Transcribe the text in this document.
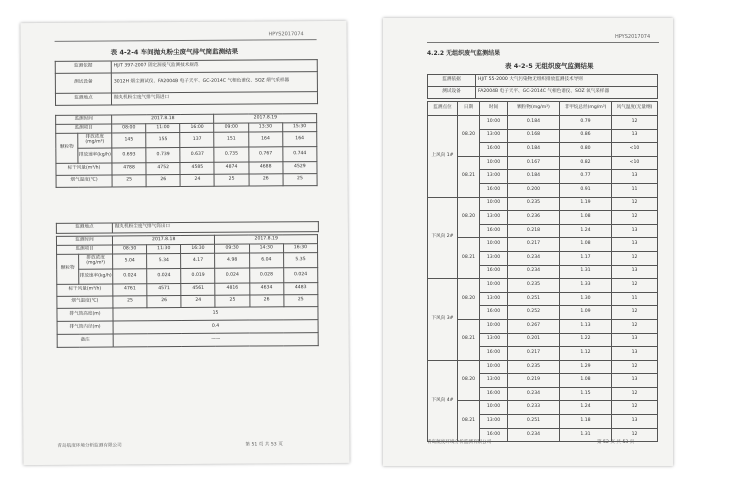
HPYS2017074
表 4-2-4 车间抛丸粉尘废气排气筒监测结果
监测依据	HJ/T 397-2007 固定源废气监测技术规范
测试设备	3012H 烟尘测试仪、FA2004B 电子天平、GC-2014C 气相色谱仪、SOZ 烟气采样器
监测地点	抛丸机粉尘废气排气筒进口
监测时间		2017.8.18			2017.8.19		
监测项目		08:00	11:00	16:00	09:00	13:30	15:30
颗粒物	排放浓度(mg/m³)	145	155	137	151	164	164
	排放速率(kg/h)	0.693	0.739	0.637	0.735	0.767	0.744
标干风量(m³/h)		4788	4752	4585	4874	4688	4529
烟气温度(℃)		25	26	24	25	26	25
监测地点	抛丸机粉尘废气排气筒出口
监测时间		2017.8.18			2017.8.19		
监测项目		08:30	11:30	16:30	09:30	14:30	16:30
颗粒物	排放浓度(mg/m³)	5.04	5.34	4.17	4.98	6.04	5.35
	排放速率(kg/h)	0.024	0.024	0.019	0.024	0.028	0.024
标干风量(m³/h)		4761	4571	4561	4816	4634	4483
烟气温度(℃)		25	26	24	25	26	25
排气筒高度(m)		15					
排气筒内径(m)		0.4					
备注		——					
青岛航度环境分析监测有限公司	第 51 页 共 53 页
HPYS2017074
4.2.2 无组织废气监测结果
表 4-2-5 无组织废气监测结果
监测依据	HJ/T 55-2000 大气污染物无组织排放监测技术导则
测试设备	FA2004B 电子天平、GC-2014C 气相色谱仪、SOZ 氧气采样器
监测点位	日期	时间	颗粒物(mg/m³)	非甲烷总烃(mg/m³)	风气温度(无量纲)
上风向 1#	08.20	10:00	0.184	0.79	12
		13:00	0.168	0.86	13
		16:00	0.184	0.80	<10
	08.21	10:00	0.167	0.82	<10
		13:00	0.184	0.77	13
		16:00	0.200	0.91	11
下风向 2#	08.20	10:00	0.235	1.19	12
		13:00	0.236	1.08	12
		16:00	0.218	1.24	13
	08.21	10:00	0.217	1.08	13
		13:00	0.234	1.17	12
		16:00	0.234	1.31	13
下风向 3#	08.20	10:00	0.235	1.33	12
		13:00	0.251	1.30	11
		16:00	0.252	1.09	12
	08.21	10:00	0.267	1.13	12
		13:00	0.201	1.22	13
		16:00	0.217	1.12	13
下风向 4#	08.20	10:00	0.235	1.29	12
		13:00	0.219	1.08	13
		16:00	0.234	1.15	12
	08.21	10:00	0.233	1.24	12
		13:00	0.251	1.18	13
		16:00	0.234	1.31	12
青岛航度环境分析监测有限公司	第 52 页 共 53 页
